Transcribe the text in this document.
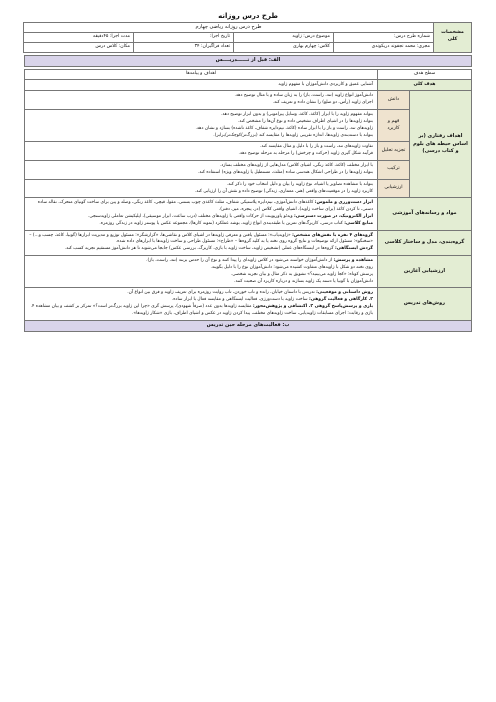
طرح درس روزانه
مشخصات کلی	طرح درس روزانه ریاضی چهارم			
	شماره طرح درس:	موضوع درس: زاویه	تاریخ اجرا:	مدت اجرا: ۴۵دقیقه
	مجری: محمد نجفوند دریکوندی	کلاس: چهارم بهاری	تعداد فراگیران: ۳۴	مکان: کلاس درس
الف: قبل از تــــــدریــــس
سطح هدف		اهداف و پیامدها
هدف کلی		آشنایی عمیق و کاربردی دانش‌آموزان با مفهوم زاویه
اهداف رفتاری (بر اساس حیطه های بلوم و کتاب درسی)	دانش	دانش‌آموز انواع زاویه (تند، راست، باز) را به زبان ساده و با مثال توضیح دهد.

اجزای زاویه (رأس، دو ضلع) را نشان داده و تعریف کند.

	فهم و کاربرد	بتواند مفهوم زاویه را با ابزار (کاغذ، کاغذ، وسایل پیرامونی) و بدون ابزار توضیح دهد.

بتواند زاویه‌ها را در اشیای اطراف تشخیص داده و نوع آن‌ها را مشخص کند.

زاویه‌های تند، راست و باز را با ابزار ساده (کاغذ، نیم‌دایره شفاف، کاغذ تاشده) بسازد و نشان دهد.

بتواند با دسته‌بندی زاویه‌ها، اندازه تقریبی زاویه‌ها را مقایسه کند (بزرگ‌تر/کوچک‌تر/برابر).

	تجزیه تحلیل	تفاوت زاویه‌های تند، راست و باز را با دلیل و مثال مقایسه کند.

فرآیند شکل گیری زاویه (حرکت و چرخش) را مرحله به مرحله توضیح دهد.

	ترکیب	با ابزار مختلف (کاغذ، کاغذ رنگی، اشیای کلاس) مدل‌هایی از زاویه‌های مختلف بسازد.

بتواند زاویه‌ها را در طراحی اشکال هندسی ساده (مثلث، مستطیل یا زاویه‌های ویژه) استفاده کند.

	ارزشیابی	بتواند با مشاهده تصاویر یا اشیاء، نوع زاویه را بیان و دلیل انتخاب خود را ذکر کند.

کاربرد زاویه را در موقعیت‌های واقعی (هنر، معماری، زندگی) توضیح داده و نقش آن را ارزیابی کند.

مواد و رسانه‌های آموزشی		ابزار دست‌ورزی و ملموس: کاغذهای دانش‌آموزی، نیم‌دایره پلاستیکی شفاف، مثلث کاغذی چوب بستنی، مقوا، قیچی، کاغذ رنگی، وصله و پین برای ساخت گونیای متحرک، نقاله ساده دستی، تا کردن کاغذ (برای ساخت زاویه)، اشیای واقعی کلاس (در، پنجره، میز، دفتر).

ابزار الکترونیک، در صورت دسترسی: ویدئو پاورپوینت از حرکات واقعی با زاویه‌های مختلف (درب ساعت، ابزار موسیقی)، اپلیکیشن تعاملی زاویه‌سنجی.

منابع کلاسی: کتاب درسی، کاربرگ‌های تمرین با طبقه‌بندی انواع زاویه، بوشه عملکرد (نمونه کارها)، مجموعه عکس یا پوستر زاویه در زندگی روزمره.

گروه‌بندی، مدل و ساختار کلاسی		گروه‌های ۴ نفره با نقش‌های مشخص: «زاویه‌یاب»: مسئول یافتن و معرفی زاویه‌ها در اشیای کلاس و نقاشی‌ها، «گزارشگر»: مسئول توزیع و مدیریت ابزارها (گونیا، کاغذ، چسب و...) – «سخنگو»: مسئول ارائه توضیحات و نتایج گروه روی تخته یا به کلیه گروه‌ها – «طراح»: مسئول طراحی و ساخت زاویه‌ها با ابزارهای داده شده.

گردش ایستگاهی: گروه‌ها در ایستگاه‌های عملی (تشخیص زاویه، ساخت زاویه با بازی، کاربرگ، بررسی عکس) جابجا می‌شوند تا هر دانش‌آموز مستقیم تجربه کسب کند.

ارزشیابی آغازین		مشاهده و پرسش: از دانش‌آموزان خواسته می‌شود در کلاس زاویه‌ای را پیدا کنند و نوع آن را حدس بزنند (تند، راست، باز).

روی تخته دو شکل با زاویه‌های متفاوت کشیده می‌شود: دانش‌آموزان نوع را با دلیل بگویند.

پرسش کوتاه: «کجا زاویه می‌بینید؟» تشویق به ذکر مثال و بیان تجربه شخصی.

دانش‌آموزان با گونیا یا دسته یک زاویه بسازند و درباره کاربرد آن صحبت کنند.

روش‌های تدریس		روش داستانی و موقعیتی: تدریس با داستان خیابان، رانده و تاب خوردن، تاب روایت روزمره برای تعریف زاویه و فرق بین انواع آن.

۲. کارگاهی و فعالیت گروهی: ساخت زاویه با دست‌ورزی، فعالیت ایستگاهی و مقایسه فعال با ابزار ساده.

بازی و پرسش‌پاسخ گروهی ۳. اکتشافی و پژوهش‌محور: مقایسه زاویه‌ها بدون عدد (صرفاً شهودی)، پرسش گری «چرا این زاویه بزرگ‌تر است؟» تمرکز بر کشف و بیان مشاهده ۴. بازی و رقابت: اجرای مسابقات زاویه‌یابی، ساخت زاویه‌های مختلف، پیدا کردن زاویه در عکس و اشیای اطراف، بازی «شکار زاویه‌ها».

ب: فعالیت‌های مرحله حین تدریس		
